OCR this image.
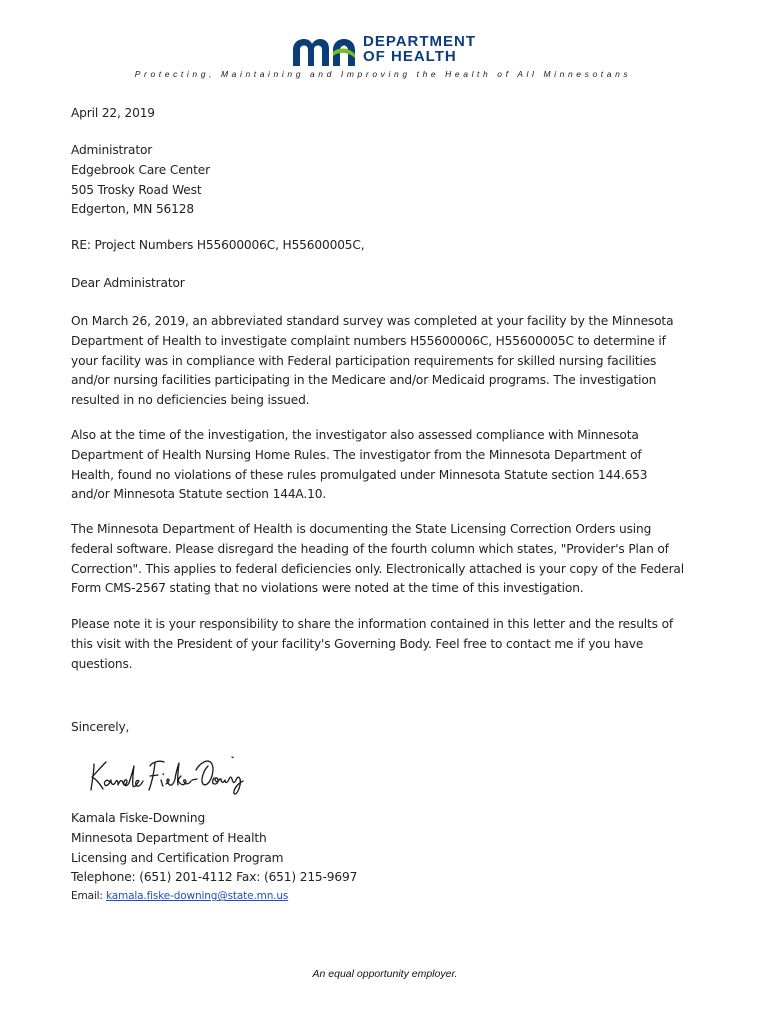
DEPARTMENT
OF HEALTH
Protecting, Maintaining and Improving the Health of All Minnesotans

April 22, 2019

Administrator
Edgebrook Care Center
505 Trosky Road West
Edgerton, MN 56128

RE: Project Numbers H55600006C, H55600005C,

Dear Administrator

On March 26, 2019, an abbreviated standard survey was completed at your facility by the Minnesota
Department of Health to investigate complaint numbers H55600006C, H55600005C to determine if
your facility was in compliance with Federal participation requirements for skilled nursing facilities
and/or nursing facilities participating in the Medicare and/or Medicaid programs. The investigation
resulted in no deficiencies being issued.

Also at the time of the investigation, the investigator also assessed compliance with Minnesota
Department of Health Nursing Home Rules. The investigator from the Minnesota Department of
Health, found no violations of these rules promulgated under Minnesota Statute section 144.653
and/or Minnesota Statute section 144A.10.

The Minnesota Department of Health is documenting the State Licensing Correction Orders using
federal software. Please disregard the heading of the fourth column which states, "Provider's Plan of
Correction". This applies to federal deficiencies only. Electronically attached is your copy of the Federal
Form CMS-2567 stating that no violations were noted at the time of this investigation.

Please note it is your responsibility to share the information contained in this letter and the results of
this visit with the President of your facility's Governing Body. Feel free to contact me if you have
questions.

Sincerely,

Kamala Fiske-Downing
Minnesota Department of Health
Licensing and Certification Program
Telephone: (651) 201-4112 Fax: (651) 215-9697
Email: kamala.fiske-downing@state.mn.us

An equal opportunity employer.
